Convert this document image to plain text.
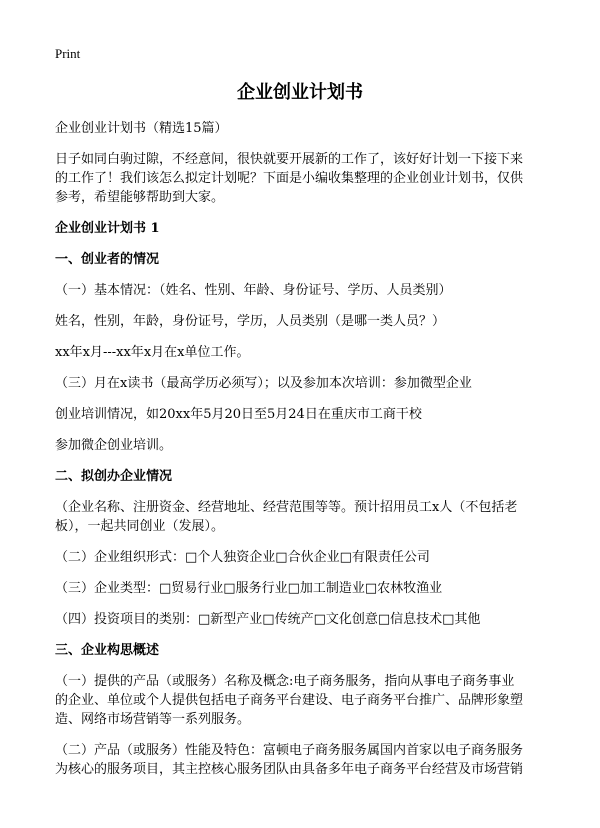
Print
企业创业计划书
企业创业计划书（精选15篇）
日子如同白驹过隙，不经意间，很快就要开展新的工作了，该好好计划一下接下来
的工作了！我们该怎么拟定计划呢？下面是小编收集整理的企业创业计划书，仅供
参考，希望能够帮助到大家。
企业创业计划书 1
一、创业者的情况
（一）基本情况：（姓名、性别、年龄、身份证号、学历、人员类别）
姓名，性别，年龄，身份证号，学历，人员类别（是哪一类人员？）
xx年x月---xx年x月在x单位工作。
（三）月在x读书（最高学历必须写）；以及参加本次培训：参加微型企业
创业培训情况，如20xx年5月20日至5月24日在重庆市工商干校
参加微企创业培训。
二、拟创办企业情况
（企业名称、注册资金、经营地址、经营范围等等。预计招用员工x人（不包括老
板），一起共同创业（发展）。
（二）企业组织形式：□个人独资企业□合伙企业□有限责任公司
（三）企业类型：□贸易行业□服务行业□加工制造业□农林牧渔业
（四）投资项目的类别：□新型产业□传统产□文化创意□信息技术□其他
三、企业构思概述
（一）提供的产品（或服务）名称及概念:电子商务服务，指向从事电子商务事业
的企业、单位或个人提供包括电子商务平台建设、电子商务平台推广、品牌形象塑
造、网络市场营销等一系列服务。
（二）产品（或服务）性能及特色：富顿电子商务服务属国内首家以电子商务服务
为核心的服务项目，其主控核心服务团队由具备多年电子商务平台经营及市场营销
